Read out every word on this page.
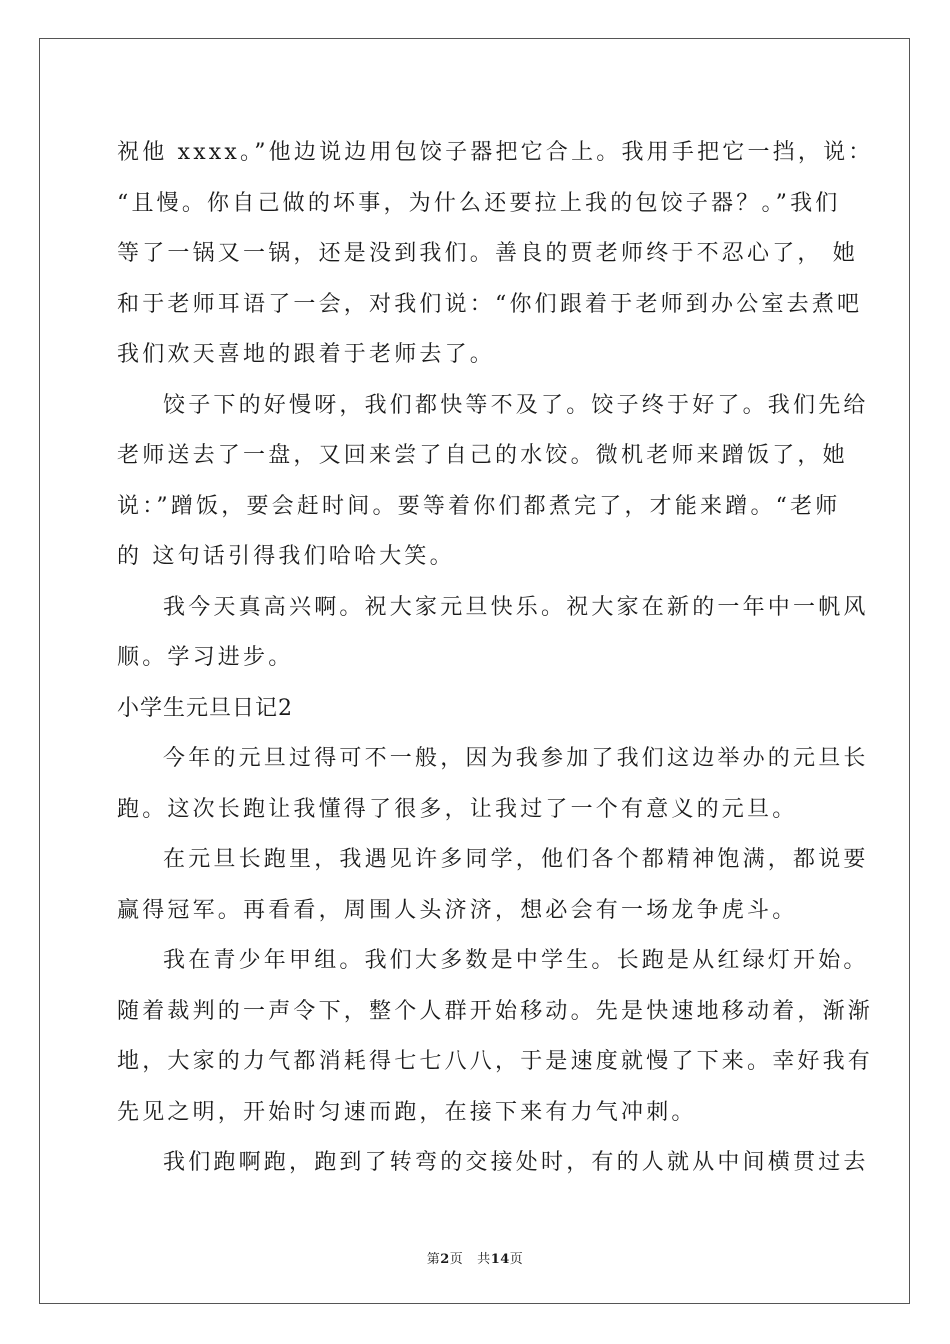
祝他 xxxx。”他边说边用包饺子器把它合上。我用手把它一挡，说：
“且慢。你自己做的坏事，为什么还要拉上我的包饺子器？。”我们
等了一锅又一锅，还是没到我们。善良的贾老师终于不忍心了， 她
和于老师耳语了一会，对我们说：“你们跟着于老师到办公室去煮吧
我们欢天喜地的跟着于老师去了。
饺子下的好慢呀，我们都快等不及了。饺子终于好了。我们先给
老师送去了一盘，又回来尝了自己的水饺。微机老师来蹭饭了，她
说：”蹭饭，要会赶时间。要等着你们都煮完了，才能来蹭。“老师
的 这句话引得我们哈哈大笑。
我今天真高兴啊。祝大家元旦快乐。祝大家在新的一年中一帆风
顺。学习进步。
小学生元旦日记2
今年的元旦过得可不一般，因为我参加了我们这边举办的元旦长
跑。这次长跑让我懂得了很多，让我过了一个有意义的元旦。
在元旦长跑里，我遇见许多同学，他们各个都精神饱满，都说要
赢得冠军。再看看，周围人头济济，想必会有一场龙争虎斗。
我在青少年甲组。我们大多数是中学生。长跑是从红绿灯开始。
随着裁判的一声令下，整个人群开始移动。先是快速地移动着，渐渐
地，大家的力气都消耗得七七八八，于是速度就慢了下来。幸好我有
先见之明，开始时匀速而跑，在接下来有力气冲刺。
我们跑啊跑，跑到了转弯的交接处时，有的人就从中间横贯过去
第2页 共14页
